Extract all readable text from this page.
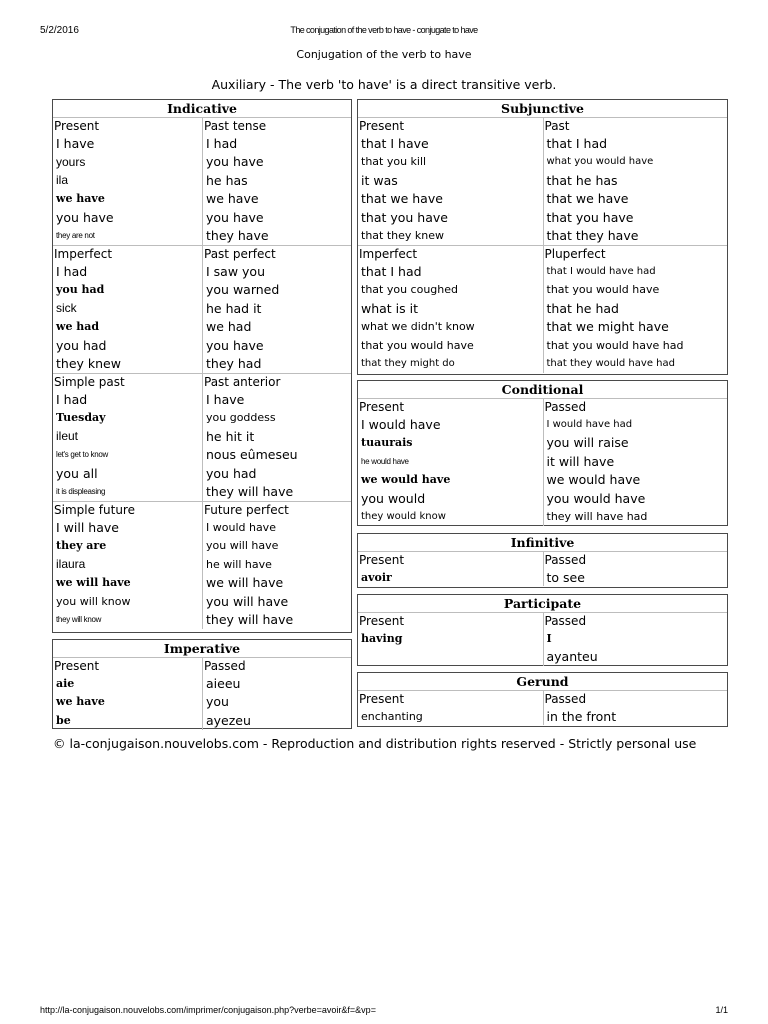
5/2/2016	The conjugation of the verb to have - conjugate to have
Conjugation of the verb to have
Auxiliary - The verb 'to have' is a direct transitive verb.
Indicative
Present
I have
yours
ila
we have
you have
they are not
Past tense
I had
you have
he has
we have
you have
they have
Imperfect
I had
you had
sick
we had
you had
they knew
Past perfect
I saw you
you warned
he had it
we had
you have
they had
Simple past
I had
Tuesday
ileut
let's get to know
you all
it is displeasing
Past anterior
I have
you goddess
he hit it
nous eûmeseu
you had
they will have
Simple future
I will have
they are
ilaura
we will have
you will know
they will know
Future perfect
I would have
you will have
he will have
we will have
you will have
they will have
Imperative
Present
aie
we have
be
Passed
aieeu
you
ayezeu
Subjunctive
Present
that I have
that you kill
it was
that we have
that you have
that they knew
Past
that I had
what you would have
that he has
that we have
that you have
that they have
Imperfect
that I had
that you coughed
what is it
what we didn't know
that you would have
that they might do
Pluperfect
that I would have had
that you would have
that he had
that we might have
that you would have had
that they would have had
Conditional
Present
I would have
tuaurais
he would have
we would have
you would
they would know
Passed
I would have had
you will raise
it will have
we would have
you would have
they will have had
Infinitive
Present
avoir
Passed
to see
Participate
Present
having
Passed
I
ayanteu
Gerund
Present
enchanting
Passed
in the front
© la-conjugaison.nouvelobs.com - Reproduction and distribution rights reserved - Strictly personal use
http://la-conjugaison.nouvelobs.com/imprimer/conjugaison.php?verbe=avoir&f=&vp=	1/1
